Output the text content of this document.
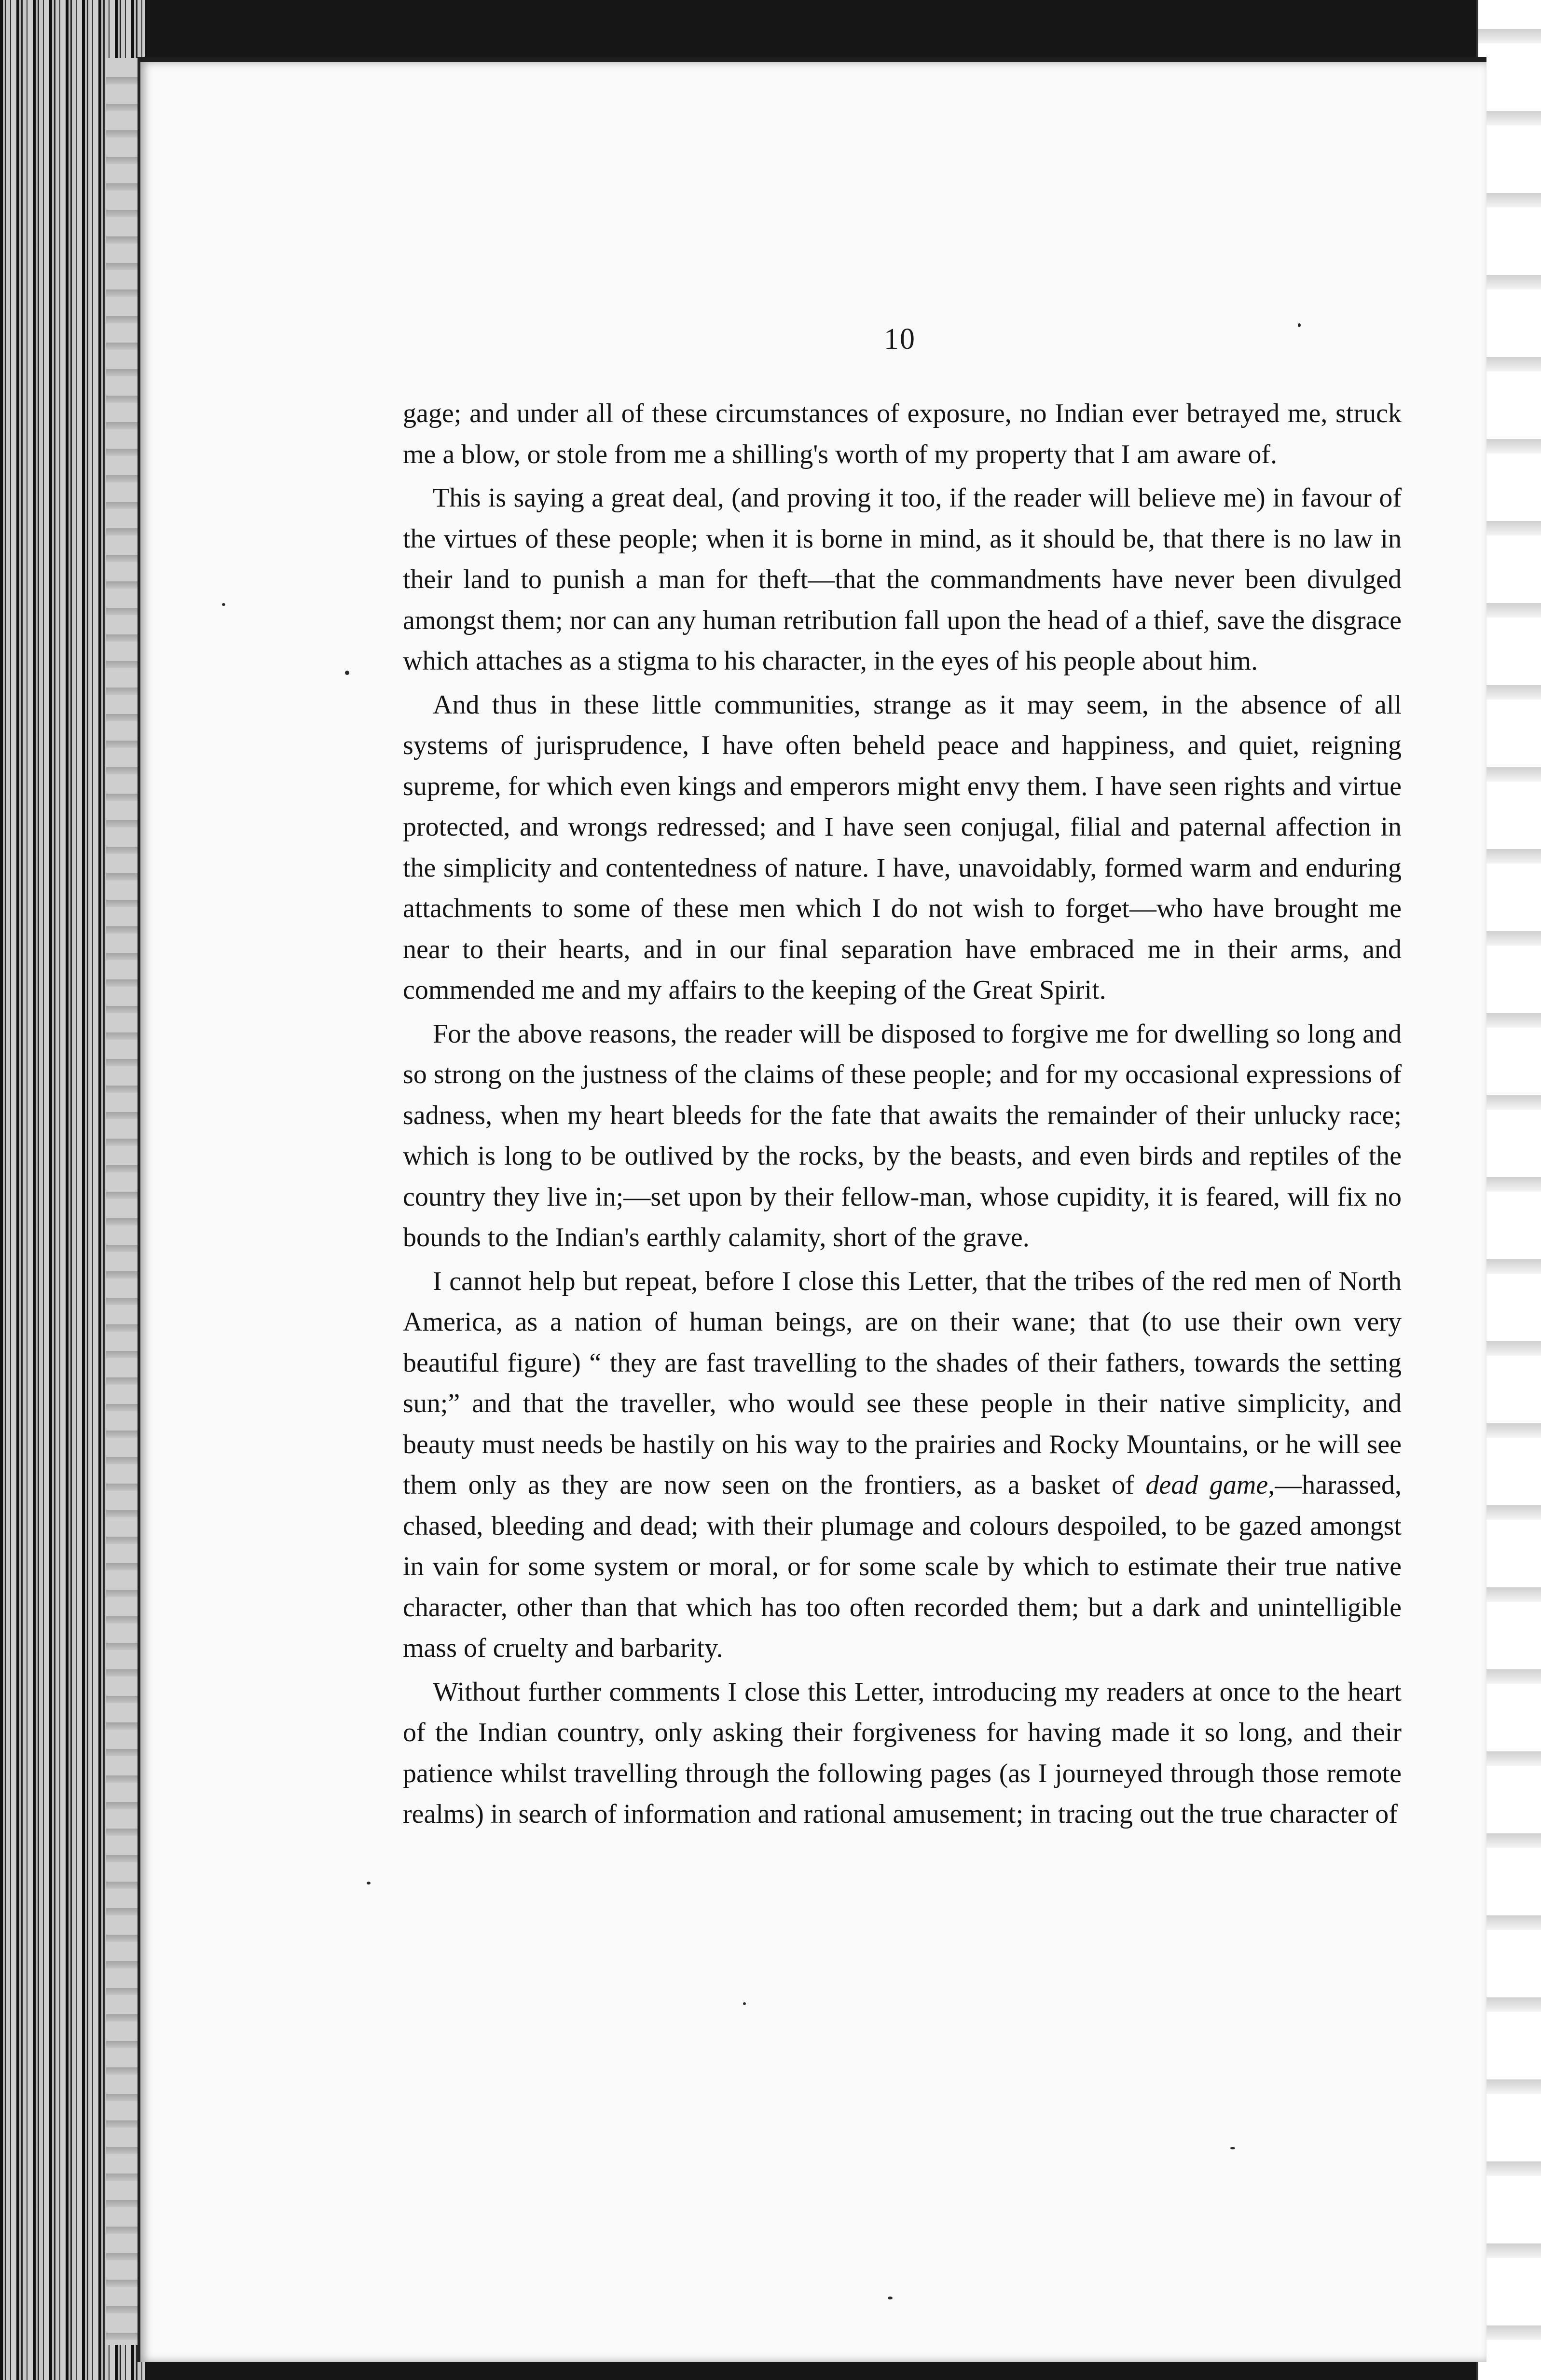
10

gage; and under all of these circumstances of exposure, no Indian ever betrayed me, struck me a blow, or stole from me a shilling's worth of my property that I am aware of.

This is saying a great deal, (and proving it too, if the reader will believe me) in favour of the virtues of these people; when it is borne in mind, as it should be, that there is no law in their land to punish a man for theft—that the commandments have never been divulged amongst them; nor can any human retribution fall upon the head of a thief, save the disgrace which attaches as a stigma to his character, in the eyes of his people about him.

And thus in these little communities, strange as it may seem, in the absence of all systems of jurisprudence, I have often beheld peace and happiness, and quiet, reigning supreme, for which even kings and emperors might envy them. I have seen rights and virtue protected, and wrongs redressed; and I have seen conjugal, filial and paternal affection in the simplicity and contentedness of nature. I have, unavoidably, formed warm and enduring attachments to some of these men which I do not wish to forget—who have brought me near to their hearts, and in our final separation have embraced me in their arms, and commended me and my affairs to the keeping of the Great Spirit.

For the above reasons, the reader will be disposed to forgive me for dwelling so long and so strong on the justness of the claims of these people; and for my occasional expressions of sadness, when my heart bleeds for the fate that awaits the remainder of their unlucky race; which is long to be outlived by the rocks, by the beasts, and even birds and reptiles of the country they live in;—set upon by their fellow-man, whose cupidity, it is feared, will fix no bounds to the Indian's earthly calamity, short of the grave.

I cannot help but repeat, before I close this Letter, that the tribes of the red men of North America, as a nation of human beings, are on their wane; that (to use their own very beautiful figure) “ they are fast travelling to the shades of their fathers, towards the setting sun;” and that the traveller, who would see these people in their native simplicity, and beauty must needs be hastily on his way to the prairies and Rocky Mountains, or he will see them only as they are now seen on the frontiers, as a basket of dead game,—harassed, chased, bleeding and dead; with their plumage and colours despoiled, to be gazed amongst in vain for some system or moral, or for some scale by which to estimate their true native character, other than that which has too often recorded them; but a dark and unintelligible mass of cruelty and barbarity.

Without further comments I close this Letter, introducing my readers at once to the heart of the Indian country, only asking their forgiveness for having made it so long, and their patience whilst travelling through the following pages (as I journeyed through those remote realms) in search of information and rational amusement; in tracing out the true character of
